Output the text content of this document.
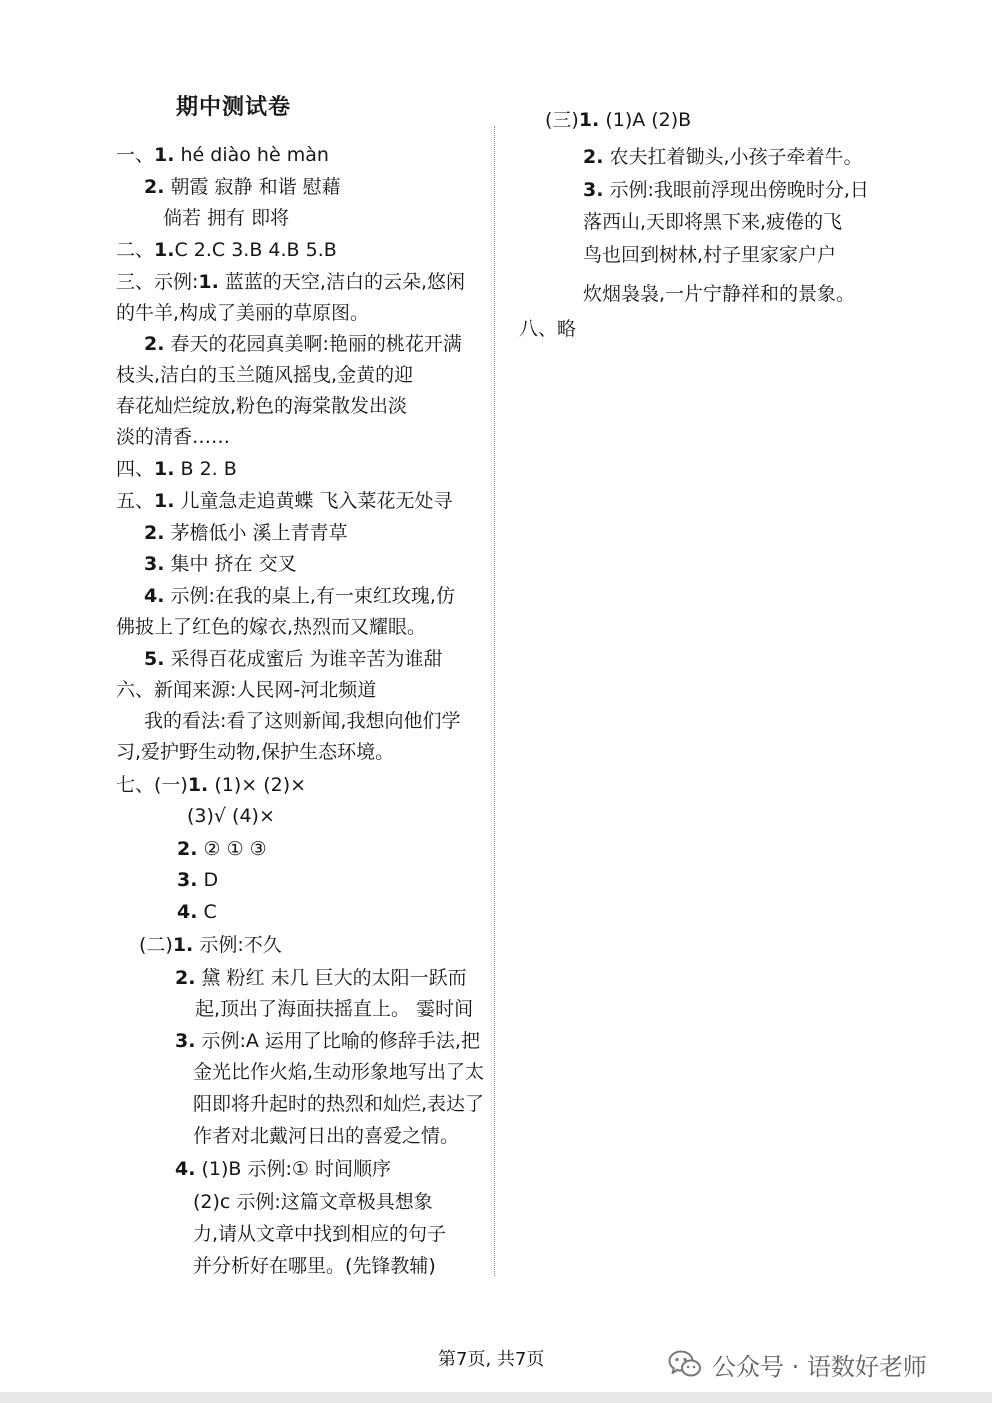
期中测试卷
一、1. hé diào hè màn
2. 朝霞 寂静 和谐 慰藉
倘若 拥有 即将
二、1.C 2.C 3.B 4.B 5.B
三、示例:1. 蓝蓝的天空,洁白的云朵,悠闲
的牛羊,构成了美丽的草原图。
2. 春天的花园真美啊:艳丽的桃花开满
枝头,洁白的玉兰随风摇曳,金黄的迎
春花灿烂绽放,粉色的海棠散发出淡
淡的清香……
四、1. B 2. B
五、1. 儿童急走追黄蝶 飞入菜花无处寻
2. 茅檐低小 溪上青青草
3. 集中 挤在 交叉
4. 示例:在我的桌上,有一束红玫瑰,仿
佛披上了红色的嫁衣,热烈而又耀眼。
5. 采得百花成蜜后 为谁辛苦为谁甜
六、新闻来源:人民网-河北频道
我的看法:看了这则新闻,我想向他们学
习,爱护野生动物,保护生态环境。
七、(一)1. (1)× (2)×
(3)√ (4)×
2. ② ① ③
3. D
4. C
(二)1. 示例:不久
2. 黛 粉红 未几 巨大的太阳一跃而
起,顶出了海面扶摇直上。 霎时间
3. 示例:A 运用了比喻的修辞手法,把
金光比作火焰,生动形象地写出了太
阳即将升起时的热烈和灿烂,表达了
作者对北戴河日出的喜爱之情。
4. (1)B 示例:① 时间顺序
(2)c 示例:这篇文章极具想象
力,请从文章中找到相应的句子
并分析好在哪里。(先锋教辅)
(三)1. (1)A (2)B
2. 农夫扛着锄头,小孩子牵着牛。
3. 示例:我眼前浮现出傍晚时分,日
落西山,天即将黑下来,疲倦的飞
鸟也回到树林,村子里家家户户
炊烟袅袅,一片宁静祥和的景象。
八、略
第7页, 共7页	公众号 · 语数好老师
